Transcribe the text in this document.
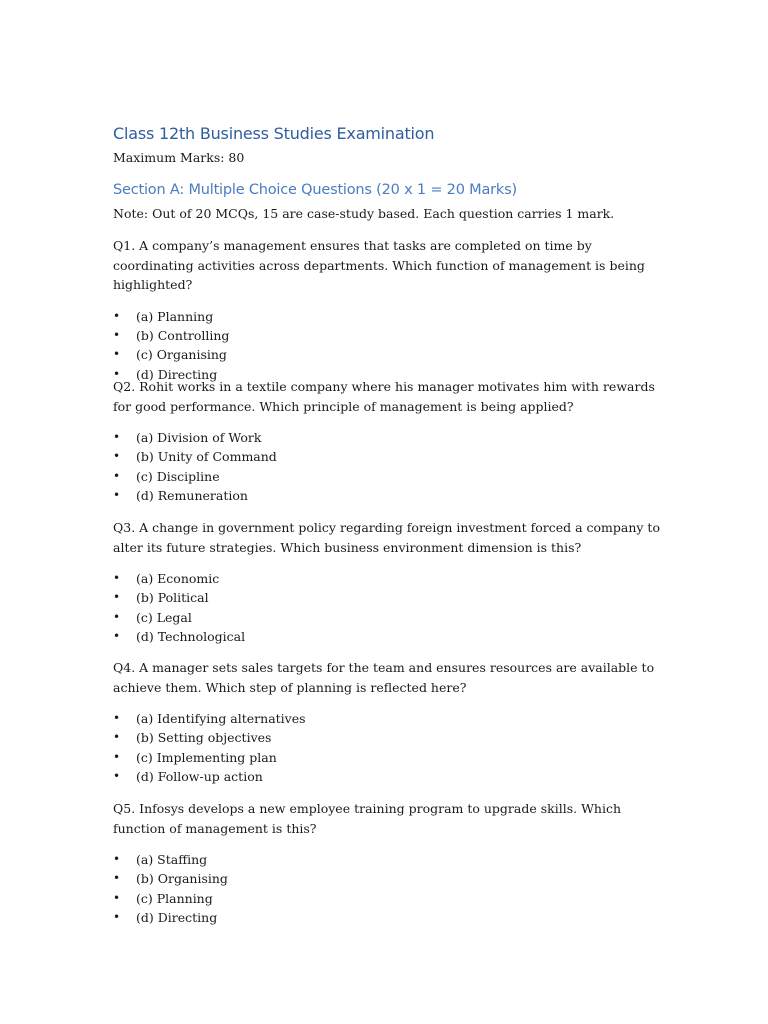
Class 12th Business Studies Examination
Maximum Marks: 80
Section A: Multiple Choice Questions (20 x 1 = 20 Marks)
Note: Out of 20 MCQs, 15 are case-study based. Each question carries 1 mark.

Q1. A company’s management ensures that tasks are completed on time by coordinating activities across departments. Which function of management is being highlighted?

• (a) Planning
• (b) Controlling
• (c) Organising
• (d) Directing

Q2. Rohit works in a textile company where his manager motivates him with rewards for good performance. Which principle of management is being applied?

• (a) Division of Work
• (b) Unity of Command
• (c) Discipline
• (d) Remuneration

Q3. A change in government policy regarding foreign investment forced a company to alter its future strategies. Which business environment dimension is this?

• (a) Economic
• (b) Political
• (c) Legal
• (d) Technological

Q4. A manager sets sales targets for the team and ensures resources are available to achieve them. Which step of planning is reflected here?

• (a) Identifying alternatives
• (b) Setting objectives
• (c) Implementing plan
• (d) Follow-up action

Q5. Infosys develops a new employee training program to upgrade skills. Which function of management is this?

• (a) Staffing
• (b) Organising
• (c) Planning
• (d) Directing
